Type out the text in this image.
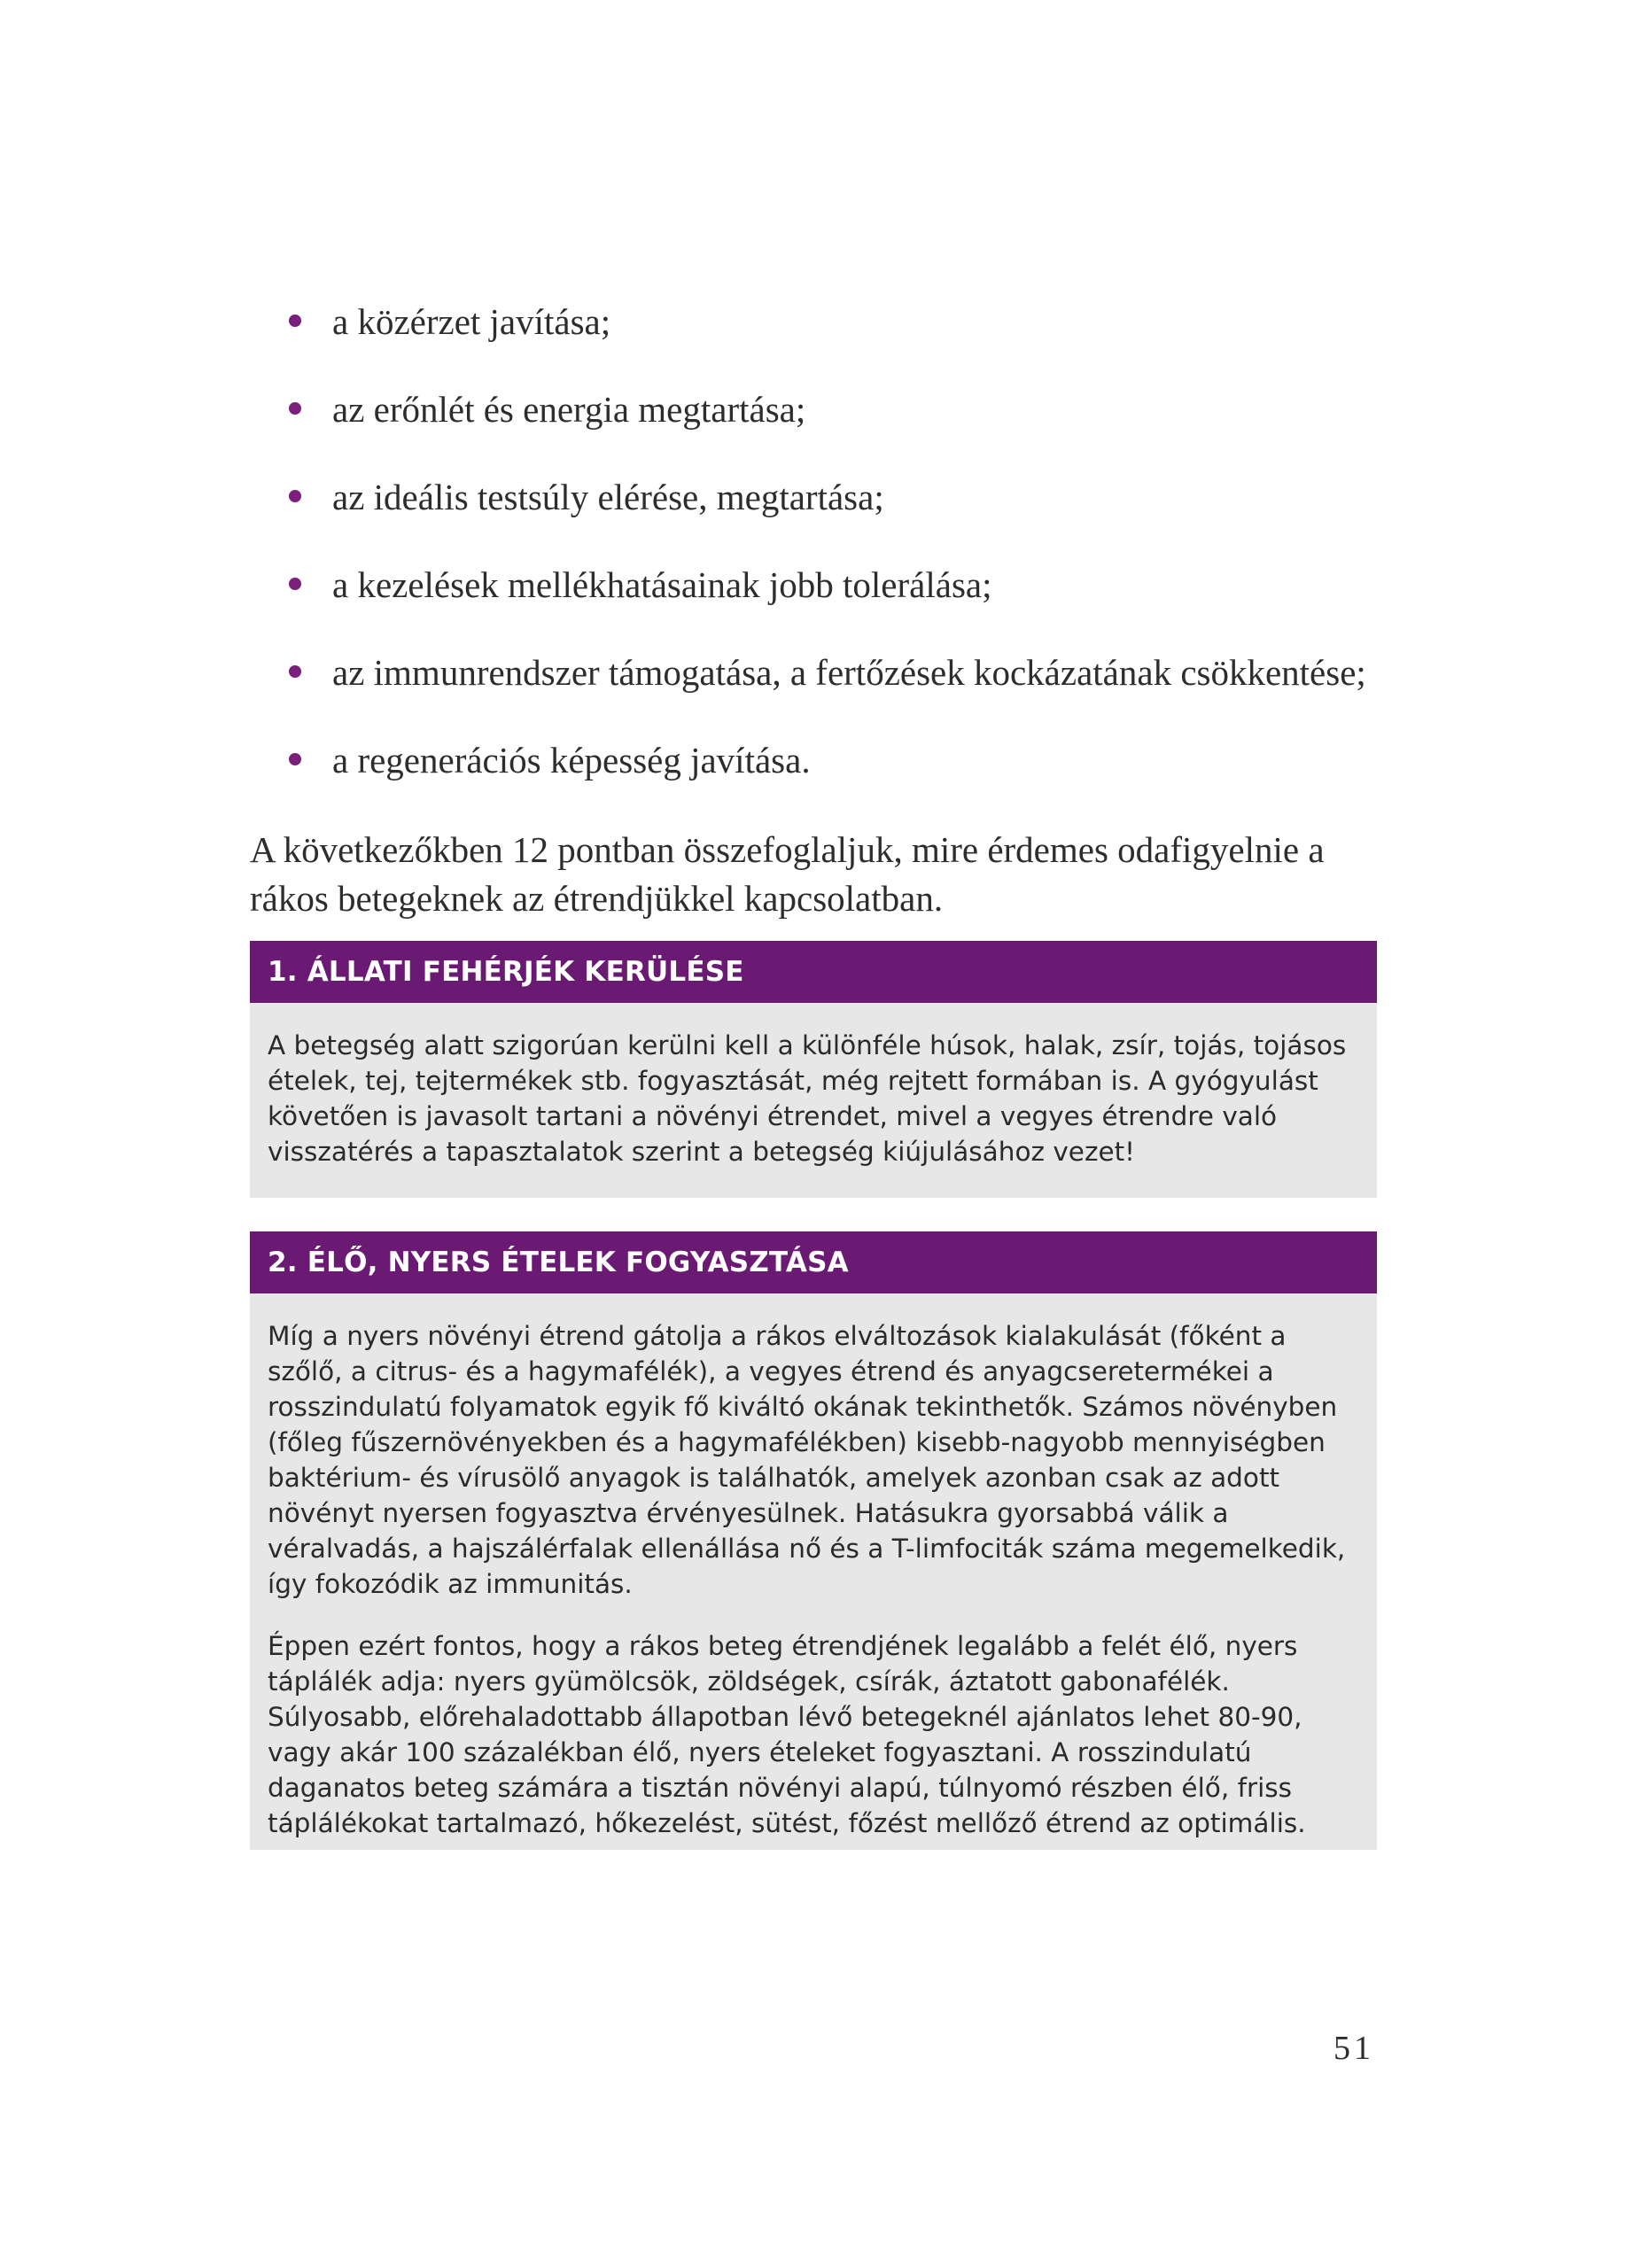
a közérzet javítása;
az erőnlét és energia megtartása;
az ideális testsúly elérése, megtartása;
a kezelések mellékhatásainak jobb tolerálása;
az immunrendszer támogatása, a fertőzések kockázatának csökkentése;
a regenerációs képesség javítása.

A következőkben 12 pontban összefoglaljuk, mire érdemes odafigyelnie a rákos betegeknek az étrendjükkel kapcsolatban.

1. ÁLLATI FEHÉRJÉK KERÜLÉSE

A betegség alatt szigorúan kerülni kell a különféle húsok, halak, zsír, tojás, tojásos ételek, tej, tejtermékek stb. fogyasztását, még rejtett formában is. A gyógyulást követően is javasolt tartani a növényi étrendet, mivel a vegyes étrendre való visszatérés a tapasztalatok szerint a betegség kiújulásához vezet!

2. ÉLŐ, NYERS ÉTELEK FOGYASZTÁSA

Míg a nyers növényi étrend gátolja a rákos elváltozások kialakulását (főként a szőlő, a citrus- és a hagymafélék), a vegyes étrend és anyagcseretermékei a rosszindulatú folyamatok egyik fő kiváltó okának tekinthetők. Számos növényben (főleg fűszernövényekben és a hagymafélékben) kisebb-nagyobb mennyiségben baktérium- és vírusölő anyagok is találhatók, amelyek azonban csak az adott növényt nyersen fogyasztva érvényesülnek. Hatásukra gyorsabbá válik a véralvadás, a hajszálérfalak ellenállása nő és a T-limfociták száma megemelkedik, így fokozódik az immunitás.

Éppen ezért fontos, hogy a rákos beteg étrendjének legalább a felét élő, nyers táplálék adja: nyers gyümölcsök, zöldségek, csírák, áztatott gabonafélék. Súlyosabb, előrehaladottabb állapotban lévő betegeknél ajánlatos lehet 80-90, vagy akár 100 százalékban élő, nyers ételeket fogyasztani. A rosszindulatú daganatos beteg számára a tisztán növényi alapú, túlnyomó részben élő, friss táplálékokat tartalmazó, hőkezelést, sütést, főzést mellőző étrend az optimális.

51
